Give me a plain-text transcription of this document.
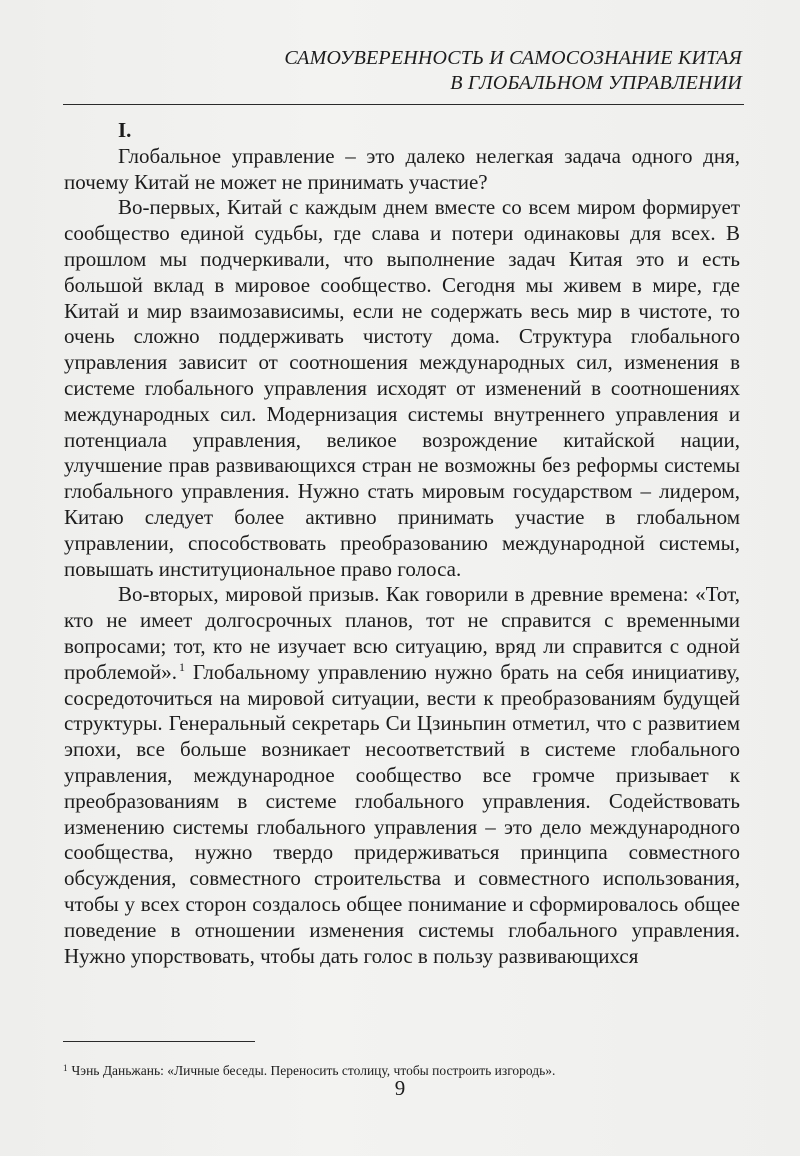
САМОУВЕРЕННОСТЬ И САМОСОЗНАНИЕ КИТАЯ
В ГЛОБАЛЬНОМ УПРАВЛЕНИИ

I.

Глобальное управление – это далеко нелегкая задача одного дня, почему Китай не может не принимать участие?

Во-первых, Китай с каждым днем вместе со всем миром формирует сообщество единой судьбы, где слава и потери одинаковы для всех. В прошлом мы подчеркивали, что выполнение задач Китая это и есть большой вклад в мировое сообщество. Сегодня мы живем в мире, где Китай и мир взаимозависимы, если не содержать весь мир в чистоте, то очень сложно поддерживать чистоту дома. Структура глобального управления зависит от соотношения международных сил, изменения в системе глобального управления исходят от изменений в соотношениях международных сил. Модернизация системы внутреннего управления и потенциала управления, великое возрождение китайской нации, улучшение прав развивающихся стран не возможны без реформы системы глобального управления. Нужно стать мировым государством – лидером, Китаю следует более активно принимать участие в глобальном управлении, способствовать преобразованию международной системы, повышать институциональное право голоса.

Во-вторых, мировой призыв. Как говорили в древние времена: «Тот, кто не имеет долгосрочных планов, тот не справится с временными вопросами; тот, кто не изучает всю ситуацию, вряд ли справится с одной проблемой». $^1$ Глобальному управлению нужно брать на себя инициативу, сосредоточиться на мировой ситуации, вести к преобразованиям будущей структуры. Генеральный секретарь Си Цзиньпин отметил, что с развитием эпохи, все больше возникает несоответствий в системе глобального управления, международное сообщество все громче призывает к преобразованиям в системе глобального управления. Содействовать изменению системы глобального управления – это дело международного сообщества, нужно твердо придерживаться принципа совместного обсуждения, совместного строительства и совместного использования, чтобы у всех сторон создалось общее понимание и сформировалось общее поведение в отношении изменения системы глобального управления. Нужно упорствовать, чтобы дать голос в пользу развивающихся

$^1$ Чэнь Даньжань: «Личные беседы. Переносить столицу, чтобы построить изгородь».
9
